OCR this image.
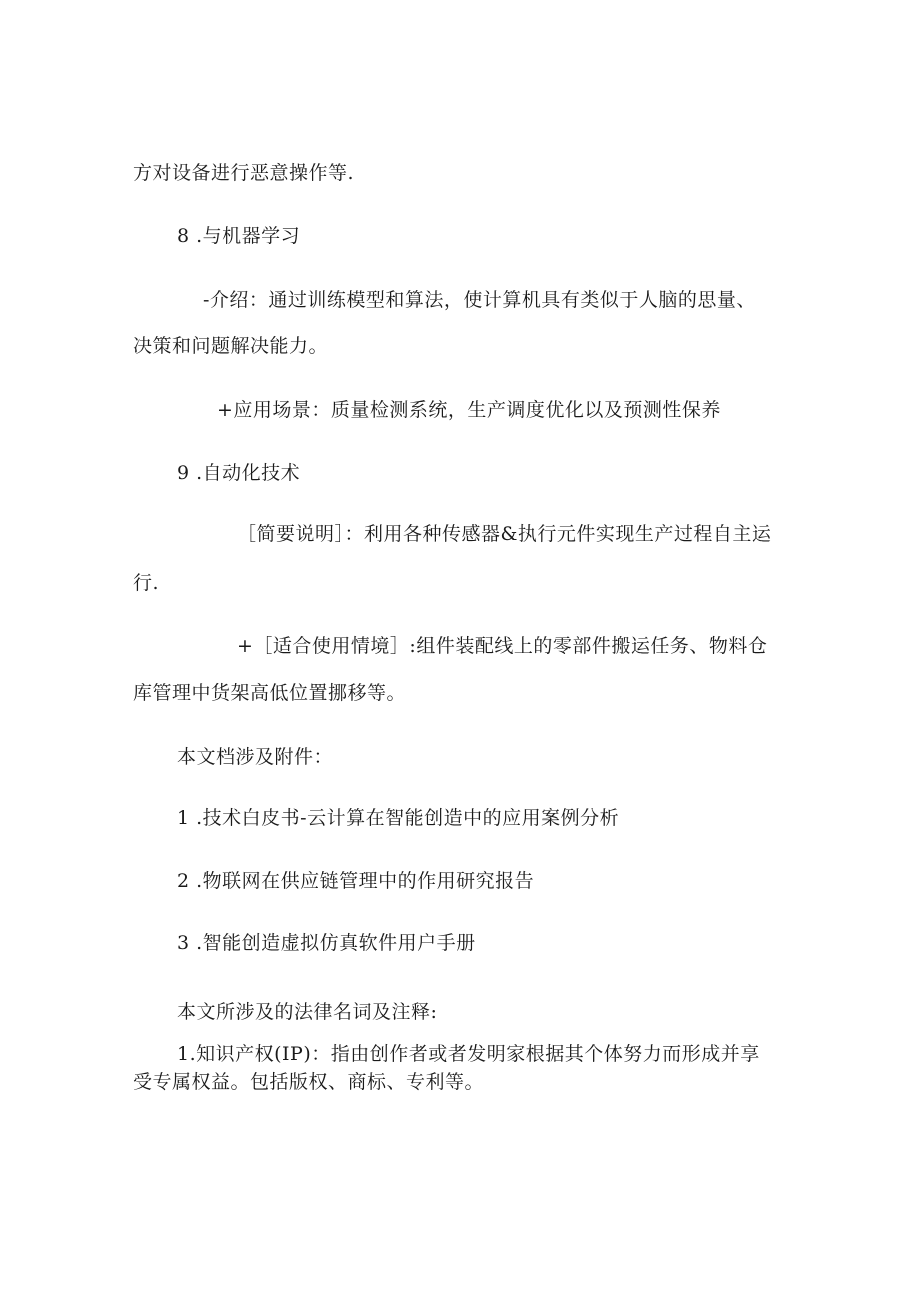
方对设备进行恶意操作等.
8 .与机器学习
-介绍：通过训练模型和算法，使计算机具有类似于人脑的思量、
决策和问题解决能力。
+应用场景：质量检测系统，生产调度优化以及预测性保养
9 .自动化技术
［简要说明］：利用各种传感器&执行元件实现生产过程自主运
行.
+［适合使用情境］:组件装配线上的零部件搬运任务、物料仓
库管理中货架高低位置挪移等。
本文档涉及附件：
1 .技术白皮书-云计算在智能创造中的应用案例分析
2 .物联网在供应链管理中的作用研究报告
3 .智能创造虚拟仿真软件用户手册
本文所涉及的法律名词及注释:
1.知识产权(IP)：指由创作者或者发明家根据其个体努力而形成并享
受专属权益。包括版权、商标、专利等。
